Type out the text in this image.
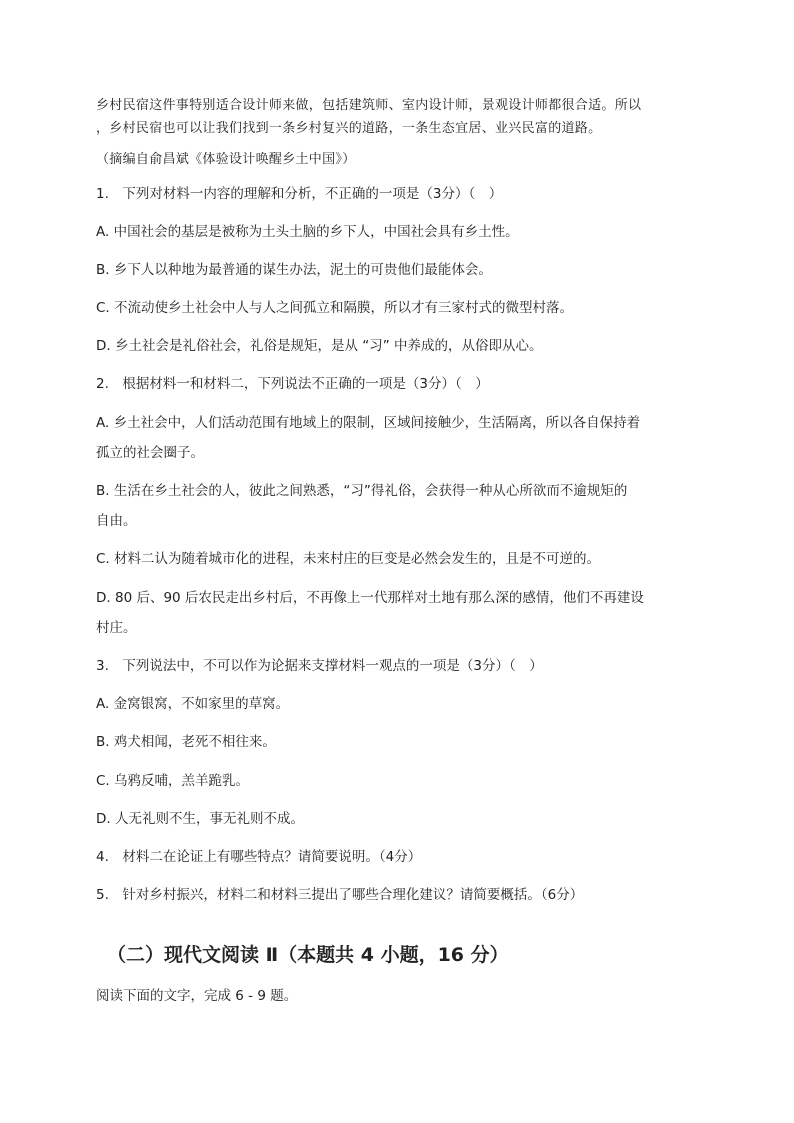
乡村民宿这件事特别适合设计师来做，包括建筑师、室内设计师，景观设计师都很合适。所以
，乡村民宿也可以让我们找到一条乡村复兴的道路，一条生态宜居、业兴民富的道路。
（摘编自俞昌斌《体验设计唤醒乡土中国》）
1.　下列对材料一内容的理解和分析，不正确的一项是（3分）（　）
A. 中国社会的基层是被称为土头土脑的乡下人，中国社会具有乡土性。
B. 乡下人以种地为最普通的谋生办法，泥土的可贵他们最能体会。
C. 不流动使乡土社会中人与人之间孤立和隔膜，所以才有三家村式的微型村落。
D. 乡土社会是礼俗社会，礼俗是规矩，是从 “习” 中养成的，从俗即从心。
2.　根据材料一和材料二，下列说法不正确的一项是（3分）（　）
A. 乡土社会中，人们活动范围有地域上的限制，区域间接触少，生活隔离，所以各自保持着
孤立的社会圈子。
B. 生活在乡土社会的人，彼此之间熟悉，“习”得礼俗，会获得一种从心所欲而不逾规矩的
自由。
C. 材料二认为随着城市化的进程，未来村庄的巨变是必然会发生的，且是不可逆的。
D. 80 后、90 后农民走出乡村后，不再像上一代那样对土地有那么深的感情，他们不再建设
村庄。
3.　下列说法中，不可以作为论据来支撑材料一观点的一项是（3分）（　）
A. 金窝银窝，不如家里的草窝。
B. 鸡犬相闻，老死不相往来。
C. 乌鸦反哺，羔羊跪乳。
D. 人无礼则不生，事无礼则不成。
4.　材料二在论证上有哪些特点？请简要说明。（4分）
5.　针对乡村振兴，材料二和材料三提出了哪些合理化建议？请简要概括。（6分）
（二）现代文阅读 Ⅱ（本题共 4 小题，16 分）
阅读下面的文字，完成 6 - 9 题。
